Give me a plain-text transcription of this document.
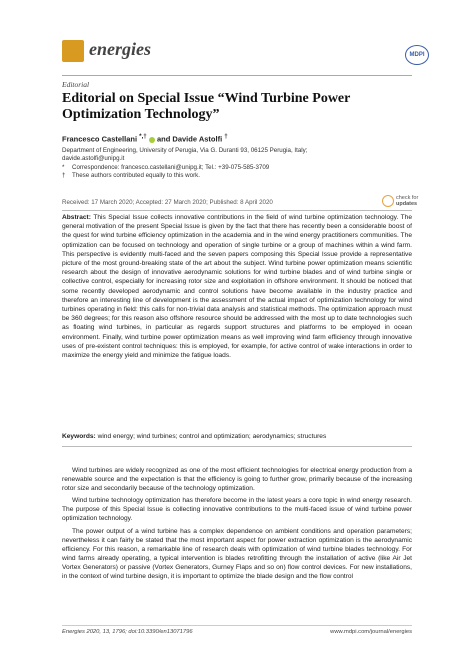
energies	MDPI
Editorial
Editorial on Special Issue “Wind Turbine Power Optimization Technology”
Francesco Castellani *,† and Davide Astolfi †
Department of Engineering, University of Perugia, Via G. Duranti 93, 06125 Perugia, Italy;
davide.astolfi@unipg.it
*	Correspondence: francesco.castellani@unipg.it; Tel.: +39-075-585-3709
†	These authors contributed equally to this work.
check for
updates
Received: 17 March 2020; Accepted: 27 March 2020; Published: 8 April 2020
Abstract: This Special Issue collects innovative contributions in the field of wind turbine optimization technology. The general motivation of the present Special Issue is given by the fact that there has recently been a considerable boost of the quest for wind turbine efficiency optimization in the academia and in the wind energy practitioners communities. The optimization can be focused on technology and operation of single turbine or a group of machines within a wind farm. This perspective is evidently multi-faced and the seven papers composing this Special Issue provide a representative picture of the most ground-breaking state of the art about the subject. Wind turbine power optimization means scientific research about the design of innovative aerodynamic solutions for wind turbine blades and of wind turbine single or collective control, especially for increasing rotor size and exploitation in offshore environment. It should be noticed that some recently developed aerodynamic and control solutions have become available in the industry practice and therefore an interesting line of development is the assessment of the actual impact of optimization technology for wind turbines operating in field: this calls for non-trivial data analysis and statistical methods. The optimization approach must be 360 degrees; for this reason also offshore resource should be addressed with the most up to date technologies such as floating wind turbines, in particular as regards support structures and platforms to be employed in ocean environment. Finally, wind turbine power optimization means as well improving wind farm efficiency through innovative uses of pre-existent control techniques: this is employed, for example, for active control of wake interactions in order to maximize the energy yield and minimize the fatigue loads.
Keywords: wind energy; wind turbines; control and optimization; aerodynamics; structures

Wind turbines are widely recognized as one of the most efficient technologies for electrical energy production from a renewable source and the expectation is that the efficiency is going to further grow, primarily because of the increasing rotor size and secondarily because of the technology optimization.

Wind turbine technology optimization has therefore become in the latest years a core topic in wind energy research. The purpose of this Special Issue is collecting innovative contributions to the multi-faced issue of wind turbine power optimization technology.

The power output of a wind turbine has a complex dependence on ambient conditions and operation parameters; nevertheless it can fairly be stated that the most important aspect for power extraction optimization is the aerodynamic efficiency. For this reason, a remarkable line of research deals with optimization of wind turbine blades technology. For wind farms already operating, a typical intervention is blades retrofitting through the installation of active (like Air Jet Vortex Generators) or passive (Vortex Generators, Gurney Flaps and so on) flow control devices. For new installations, in the context of wind turbine design, it is important to optimize the blade design and the flow control

Energies 2020, 13, 1796; doi:10.3390/en13071796	www.mdpi.com/journal/energies
